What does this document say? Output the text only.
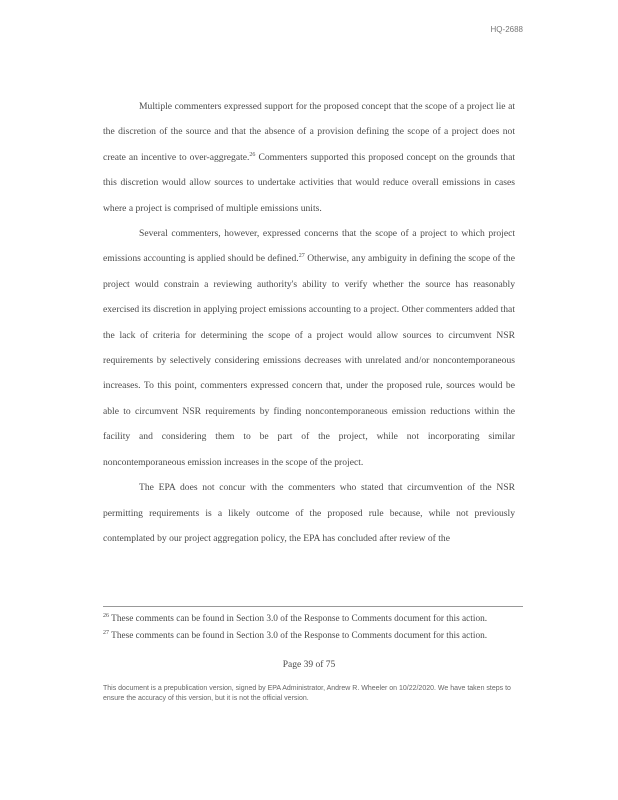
HQ-2688

Multiple commenters expressed support for the proposed concept that the scope of a project lie at the discretion of the source and that the absence of a provision defining the scope of a project does not create an incentive to over-aggregate.$^{26}$ Commenters supported this proposed concept on the grounds that this discretion would allow sources to undertake activities that would reduce overall emissions in cases where a project is comprised of multiple emissions units.

Several commenters, however, expressed concerns that the scope of a project to which project emissions accounting is applied should be defined.$^{27}$ Otherwise, any ambiguity in defining the scope of the project would constrain a reviewing authority's ability to verify whether the source has reasonably exercised its discretion in applying project emissions accounting to a project. Other commenters added that the lack of criteria for determining the scope of a project would allow sources to circumvent NSR requirements by selectively considering emissions decreases with unrelated and/or noncontemporaneous increases. To this point, commenters expressed concern that, under the proposed rule, sources would be able to circumvent NSR requirements by finding noncontemporaneous emission reductions within the facility and considering them to be part of the project, while not incorporating similar noncontemporaneous emission increases in the scope of the project.

The EPA does not concur with the commenters who stated that circumvention of the NSR permitting requirements is a likely outcome of the proposed rule because, while not previously contemplated by our project aggregation policy, the EPA has concluded after review of the

$^{26}$ These comments can be found in Section 3.0 of the Response to Comments document for this action.
$^{27}$ These comments can be found in Section 3.0 of the Response to Comments document for this action.
Page 39 of 75
This document is a prepublication version, signed by EPA Administrator, Andrew R. Wheeler on 10/22/2020. We have taken steps to ensure the accuracy of this version, but it is not the official version.
